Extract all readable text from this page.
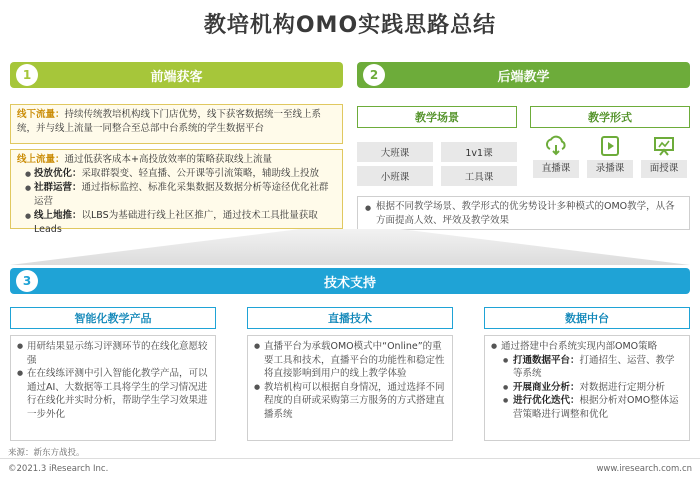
教培机构OMO实践思路总结
1	前端获客
线下流量：持续传统教培机构线下门店优势，线下获客数据统一至线上系统，并与线上流量一同整合至总部中台系统的学生数据平台
线上流量：通过低获客成本+高投放效率的策略获取线上流量
● 投放优化：采取群裂变、轻直播、公开课等引流策略，辅助线上投放
● 社群运营：通过指标监控、标准化采集数据及数据分析等途径优化社群运营
● 线上地推：以LBS为基础进行线上社区推广，通过技术工具批量获取Leads
2	后端教学
教学场景
大班课	1v1课
小班课	工具课
教学形式
直播课	录播课	面授课
● 根据不同教学场景、教学形式的优劣势设计多种模式的OMO教学，从各方面提高人效、坪效及教学效果
3	技术支持
智能化教学产品
● 用研结果显示练习评测环节的在线化意愿较强
● 在在线练评测中引入智能化教学产品，可以通过AI、大数据等工具将学生的学习情况进行在线化并实时分析，帮助学生学习效果进一步外化
直播技术
● 直播平台为承载OMO模式中“Online”的重要工具和技术，直播平台的功能性和稳定性将直接影响到用户的线上教学体验
● 教培机构可以根据自身情况，通过选择不同程度的自研或采购第三方服务的方式搭建直播系统
数据中台
● 通过搭建中台系统实现内部OMO策略
● 打通数据平台：打通招生、运营、教学等系统
● 开展商业分析：对数据进行定期分析
● 进行优化迭代：根据分析对OMO整体运营策略进行调整和优化
来源：新东方战投。
©2021.3 iResearch Inc.	www.iresearch.com.cn
